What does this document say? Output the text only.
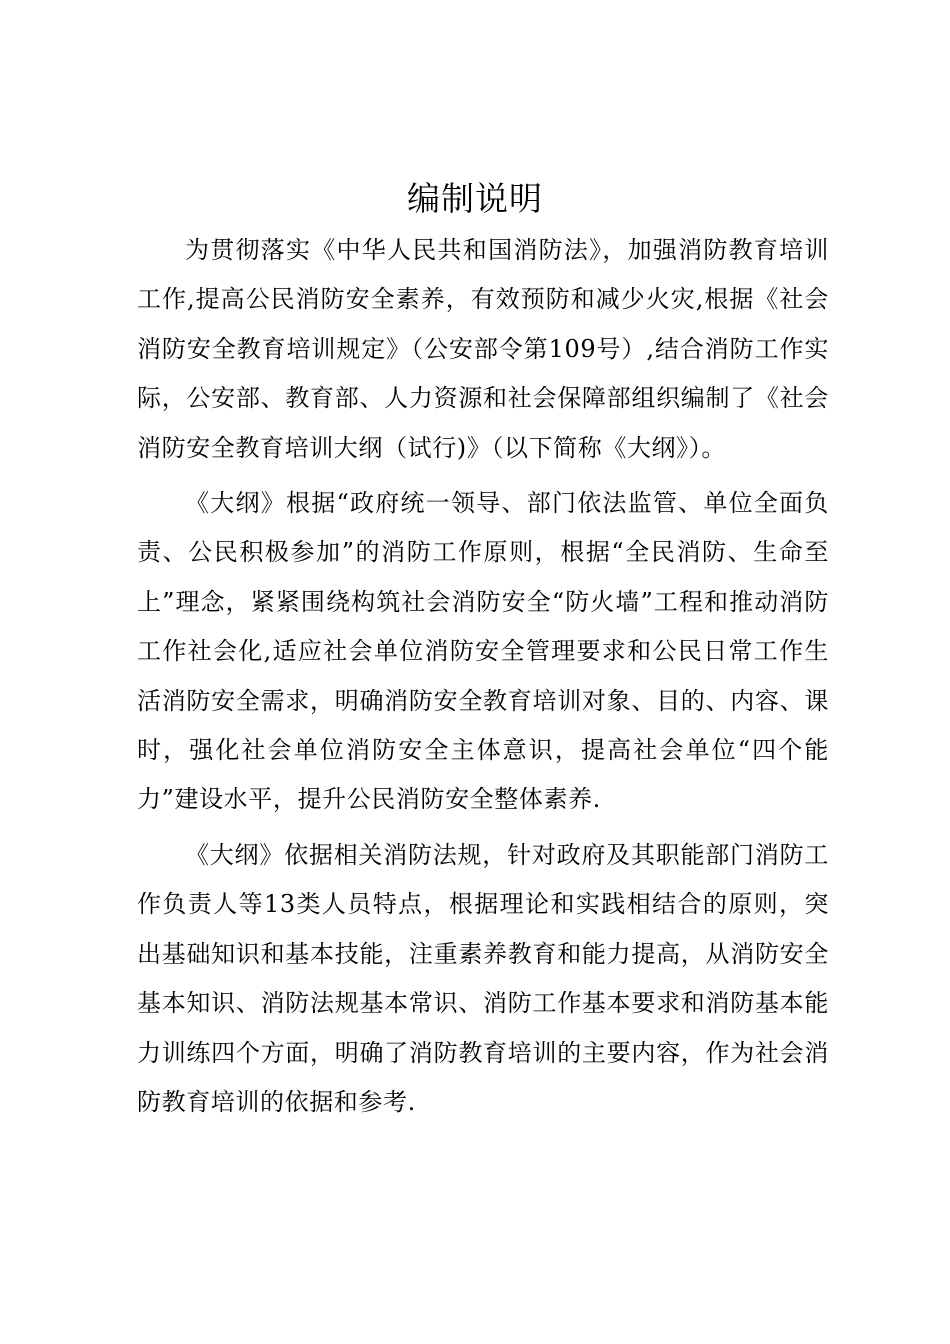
编制说明

为贯彻落实《中华人民共和国消防法》，加强消防教育培训工作,提高公民消防安全素养，有效预防和减少火灾,根据《社会消防安全教育培训规定》（公安部令第109号）,结合消防工作实际，公安部、教育部、人力资源和社会保障部组织编制了《社会消防安全教育培训大纲（试行)》（以下简称《大纲》）。

《大纲》根据“政府统一领导、部门依法监管、单位全面负责、公民积极参加”的消防工作原则，根据“全民消防、生命至上”理念，紧紧围绕构筑社会消防安全“防火墙”工程和推动消防工作社会化,适应社会单位消防安全管理要求和公民日常工作生活消防安全需求，明确消防安全教育培训对象、目的、内容、课时，强化社会单位消防安全主体意识，提高社会单位“四个能力”建设水平，提升公民消防安全整体素养.

《大纲》依据相关消防法规，针对政府及其职能部门消防工作负责人等13类人员特点，根据理论和实践相结合的原则，突出基础知识和基本技能，注重素养教育和能力提高，从消防安全基本知识、消防法规基本常识、消防工作基本要求和消防基本能力训练四个方面，明确了消防教育培训的主要内容，作为社会消防教育培训的依据和参考.
